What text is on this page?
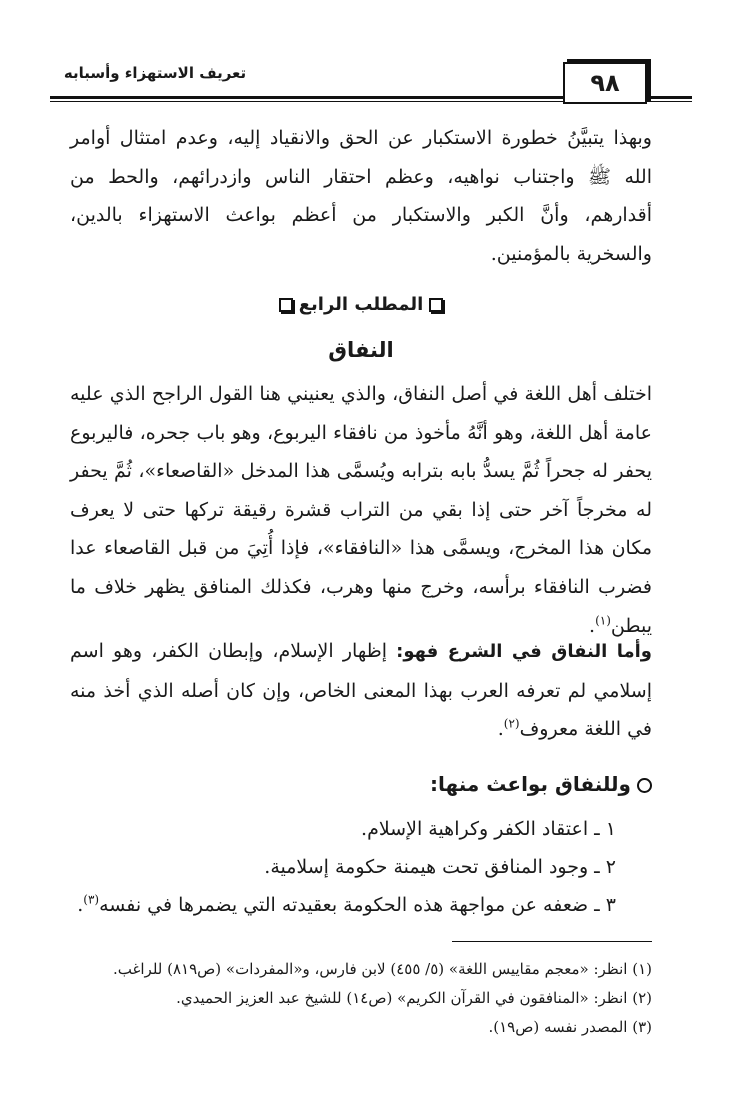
تعريف الاستهزاء وأسبابه	٩٨

وبهذا يتبيَّنُ خطورة الاستكبار عن الحق والانقياد إليه، وعدم امتثال أوامر الله ﷺ واجتناب نواهيه، وعظم احتقار الناس وازدرائهم، والحط من أقدارهم، وأنَّ الكبر والاستكبار من أعظم بواعث الاستهزاء بالدين، والسخرية بالمؤمنين.

المطلب الرابع
النفاق

اختلف أهل اللغة في أصل النفاق، والذي يعنيني هنا القول الراجح الذي عليه عامة أهل اللغة، وهو أنَّهُ مأخوذ من نافقاء اليربوع، وهو باب جحره، فاليربوع يحفر له جحراً ثُمَّ يسدُّ بابه بترابه ويُسمَّى هذا المدخل «القاصعاء»، ثُمَّ يحفر له مخرجاً آخر حتى إذا بقي من التراب قشرة رقيقة تركها حتى لا يعرف مكان هذا المخرج، ويسمَّى هذا «النافقاء»، فإذا أُتِيَ من قبل القاصعاء عدا فضرب النافقاء برأسه، وخرج منها وهرب، فكذلك المنافق يظهر خلاف ما يبطن$^{(١)}$.

وأما النفاق في الشرع فهو: إظهار الإسلام، وإبطان الكفر، وهو اسم إسلامي لم تعرفه العرب بهذا المعنى الخاص، وإن كان أصله الذي أخذ منه في اللغة معروف$^{(٢)}$.

وللنفاق بواعث منها:
١ ـ اعتقاد الكفر وكراهية الإسلام.
٢ ـ وجود المنافق تحت هيمنة حكومة إسلامية.
٣ ـ ضعفه عن مواجهة هذه الحكومة بعقيدته التي يضمرها في نفسه$^{(٣)}$.
(١) انظر: «معجم مقاييس اللغة» (٥/ ٤٥٥) لابن فارس، و«المفردات» (ص٨١٩) للراغب.
(٢) انظر: «المنافقون في القرآن الكريم» (ص١٤) للشيخ عبد العزيز الحميدي.
(٣) المصدر نفسه (ص١٩).
